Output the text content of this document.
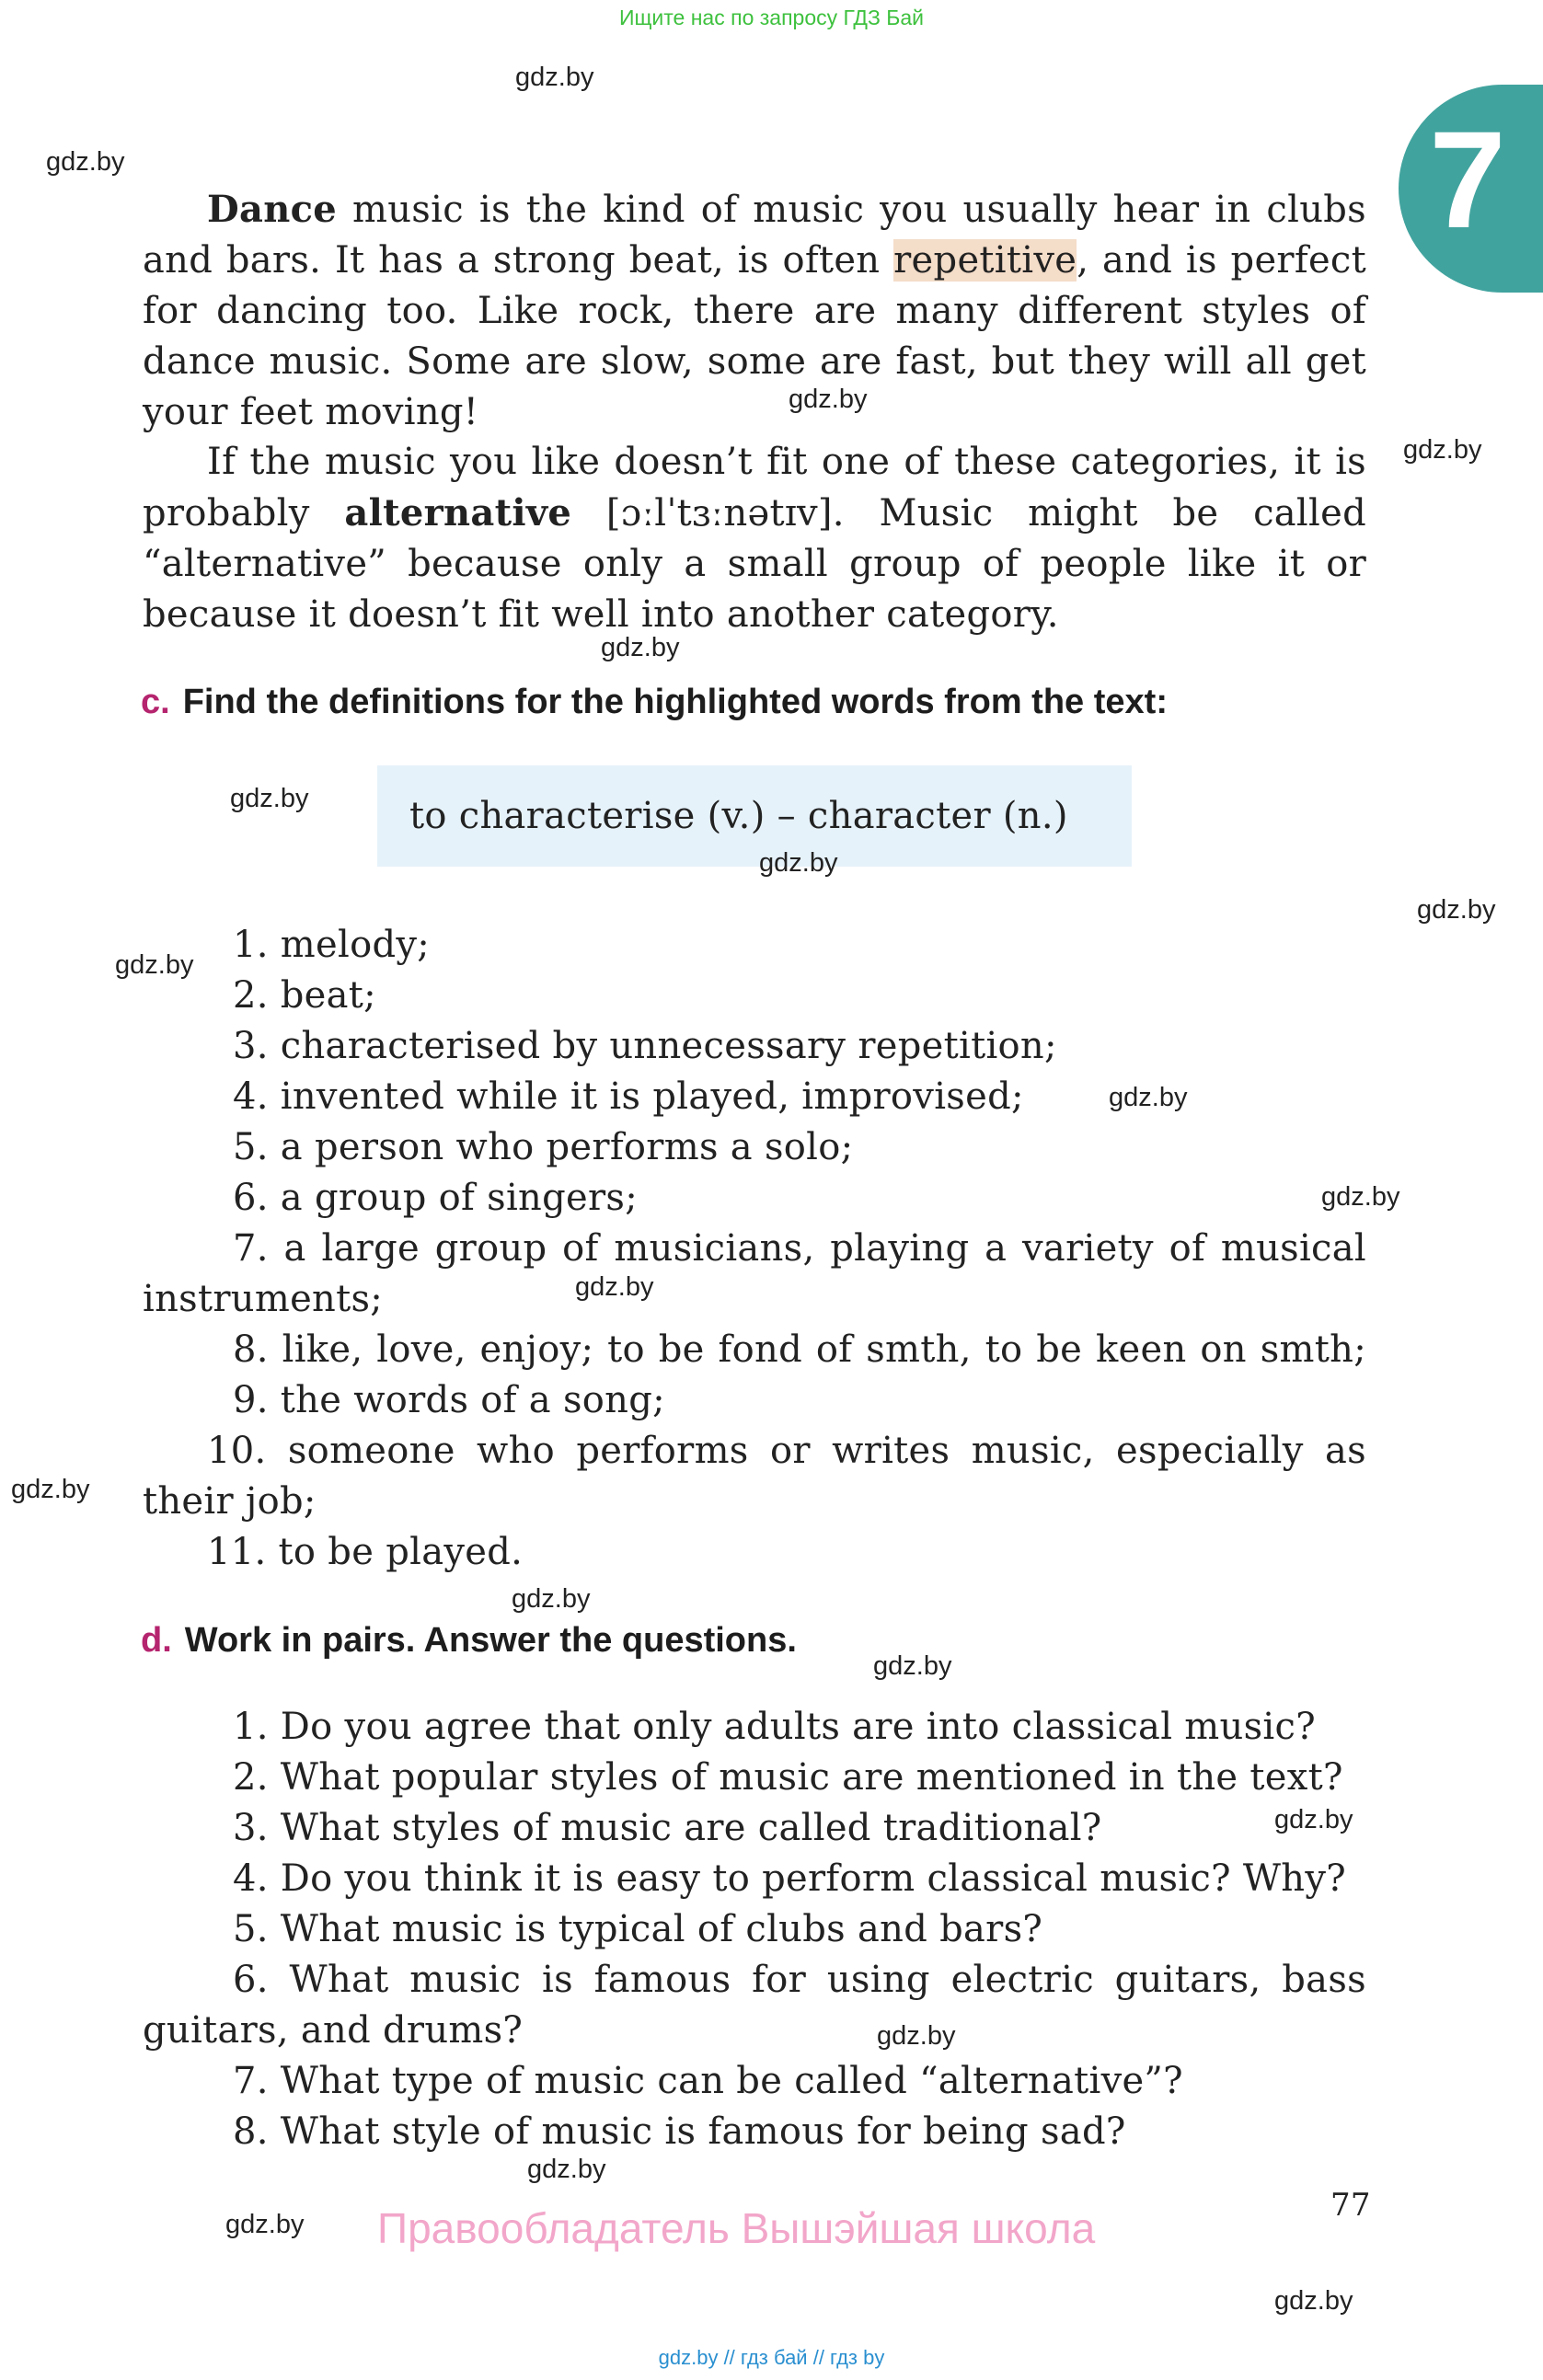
Ищите нас по запросу ГДЗ Бай
7

Dance music is the kind of music you usually hear in clubs and bars. It has a strong beat, is often repetitive, and is perfect for dancing too. Like rock, there are many different styles of dance music. Some are slow, some are fast, but they will all get your feet moving!

If the music you like doesn’t fit one of these categories, it is probably alternative [ɔːlˈtɜːnətɪv]. Music might be called “alternative” because only a small group of people like it or because it doesn’t fit well into another category.

c. Find the definitions for the highlighted words from the text:
to characterise (v.) – character (n.)
1. melody;
2. beat;
3. characterised by unnecessary repetition;
4. invented while it is played, improvised;
5. a person who performs a solo;
6. a group of singers;
7. a large group of musicians, playing a variety of musical
instruments;
8. like, love, enjoy; to be fond of smth, to be keen on smth;
9. the words of a song;
10. someone who performs or writes music, especially as
their job;
11. to be played.
d. Work in pairs. Answer the questions.
1. Do you agree that only adults are into classical music?
2. What popular styles of music are mentioned in the text?
3. What styles of music are called traditional?
4. Do you think it is easy to perform classical music? Why?
5. What music is typical of clubs and bars?
6. What music is famous for using electric guitars, bass
guitars, and drums?
7. What type of music can be called “alternative”?
8. What style of music is famous for being sad?
77
Правообладатель Вышэйшая школа
gdz.by
gdz.by
gdz.by
gdz.by
gdz.by
gdz.by
gdz.by
gdz.by
gdz.by
gdz.by
gdz.by
gdz.by
gdz.by
gdz.by
gdz.by
gdz.by
gdz.by
gdz.by
gdz.by
gdz.by
gdz.by // гдз бай // гдз by
